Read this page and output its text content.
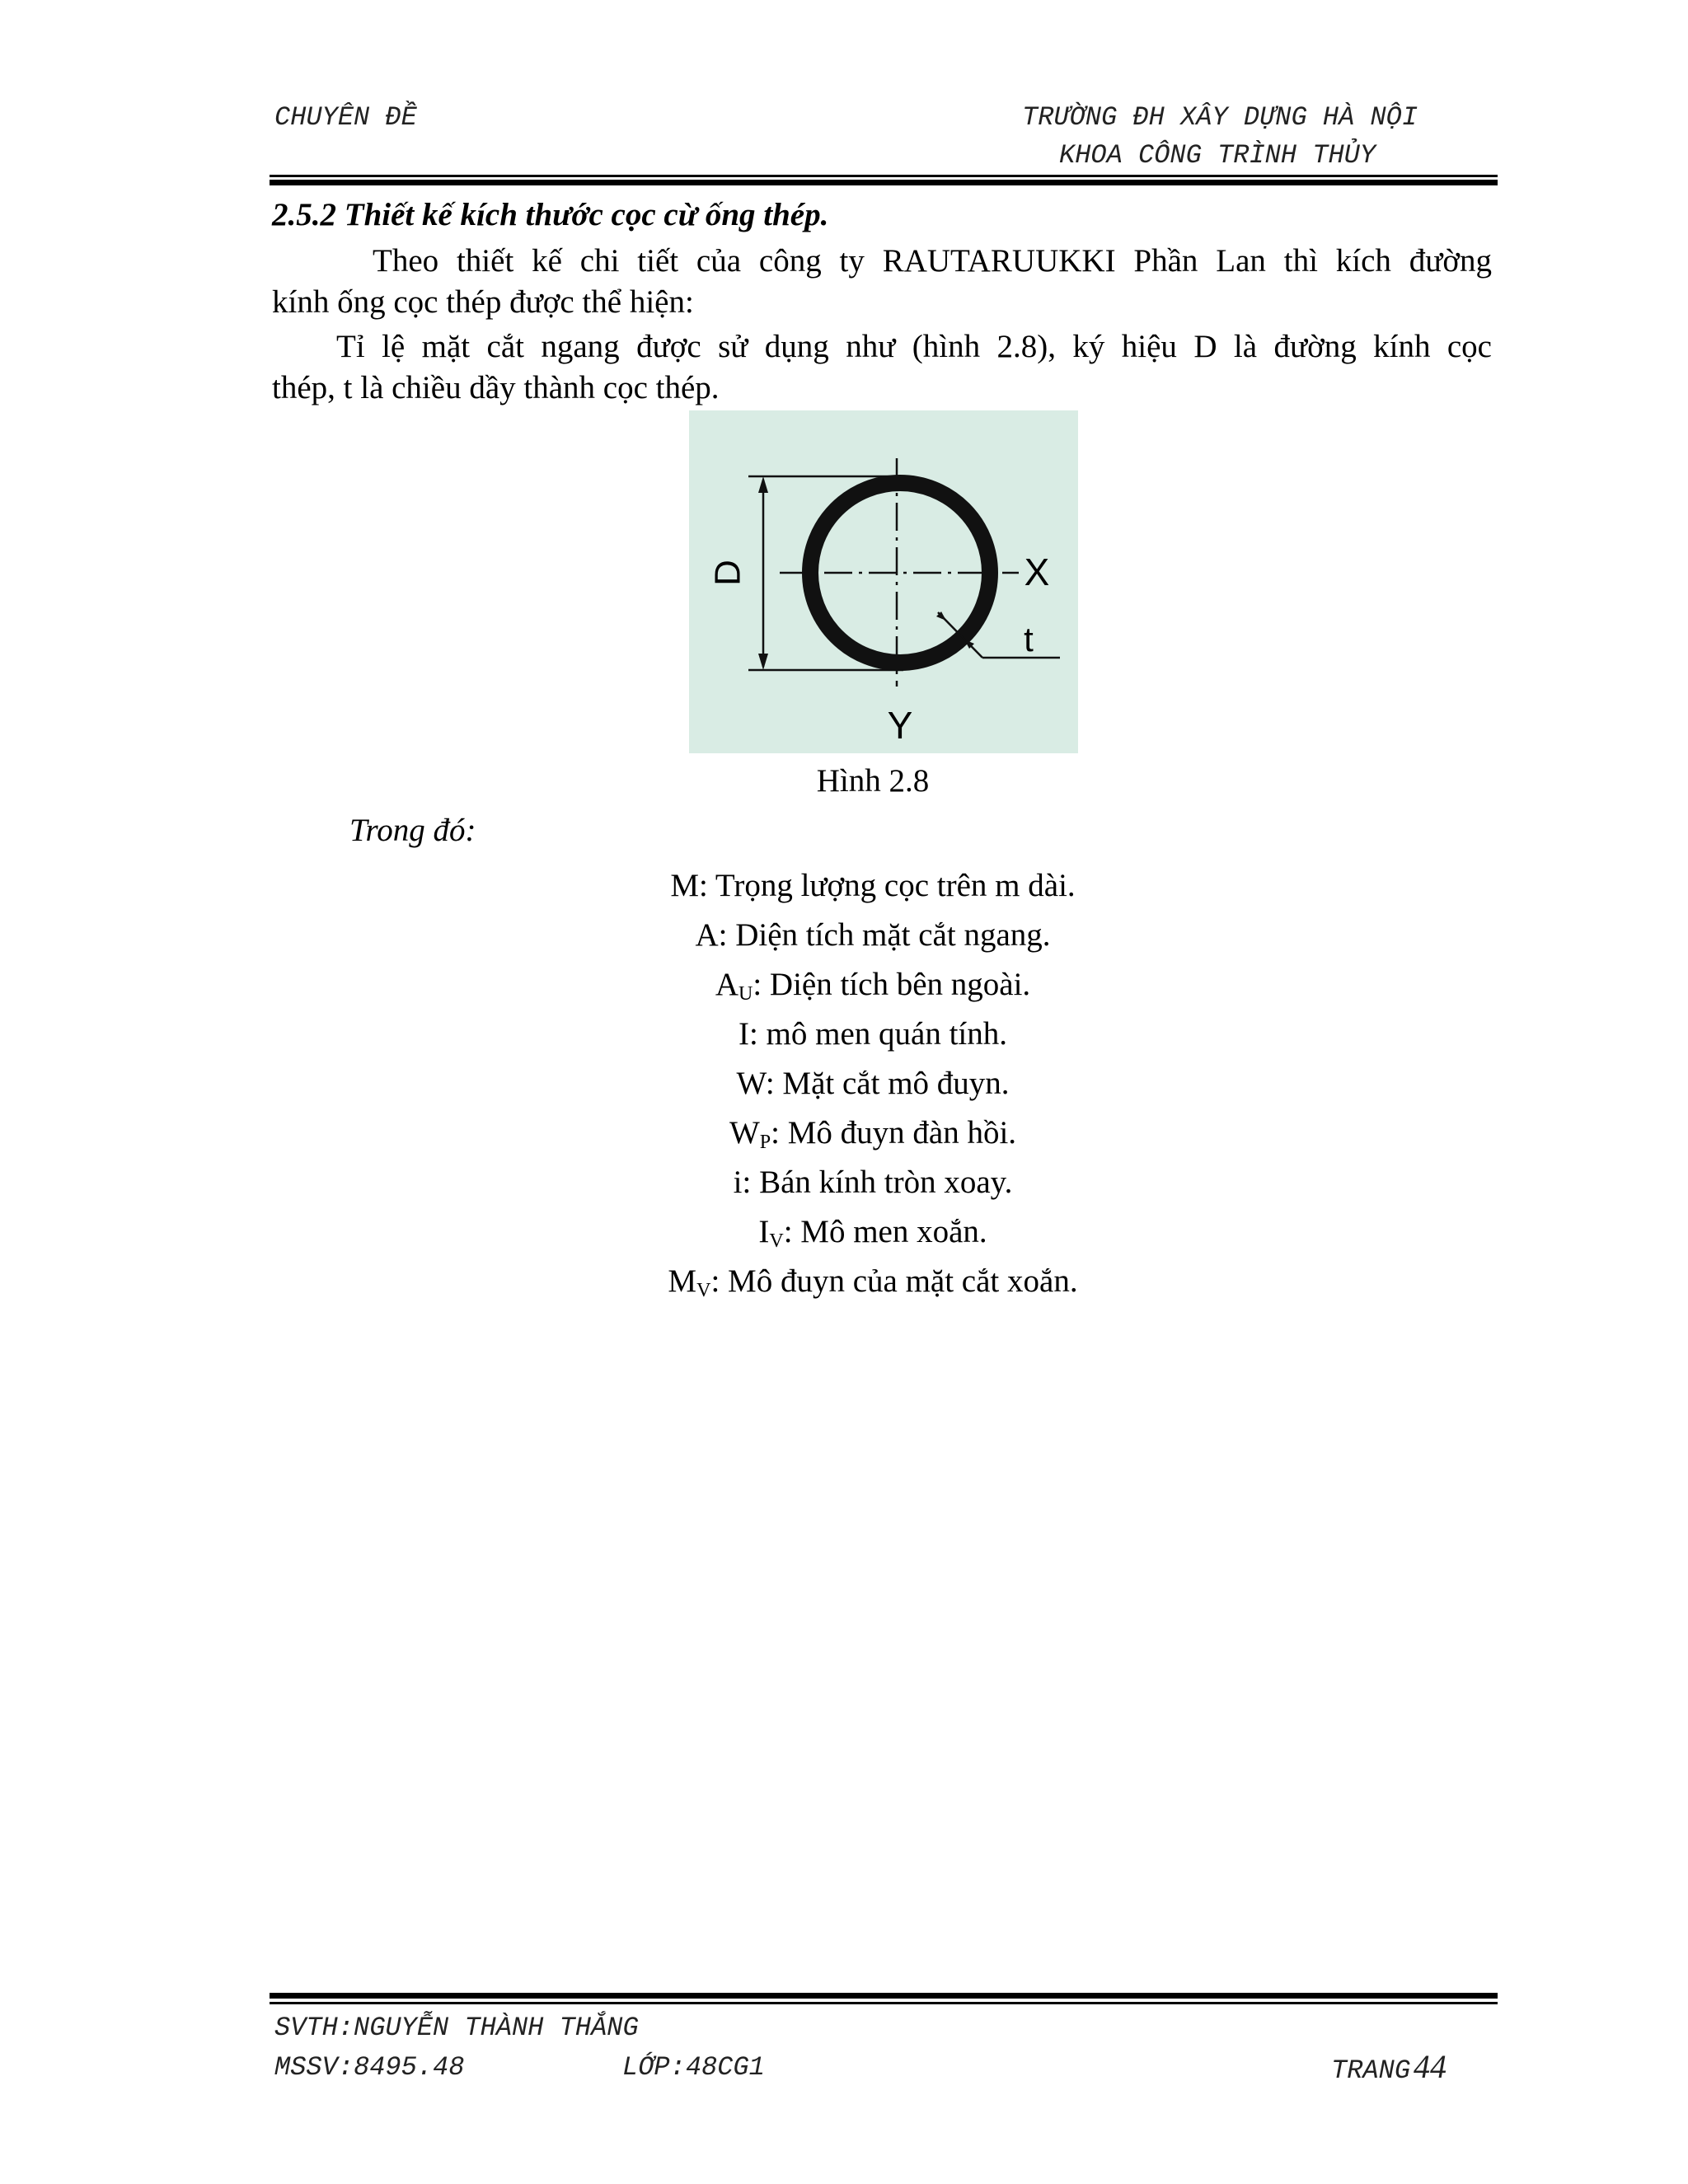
CHUYÊN ĐỀ	TRƯỜNG ĐH XÂY DỰNG HÀ NỘI
KHOA CÔNG TRÌNH THỦY
2.5.2 Thiết kế kích thước cọc cừ ống thép.
Theo thiết kế chi tiết của công ty RAUTARUUKKI Phần Lan thì kích đường
kính ống cọc thép được thể hiện:
Tỉ lệ mặt cắt ngang được sử dụng như (hình 2.8), ký hiệu D là đường kính cọc
thép, t là chiều dầy thành cọc thép.
D	X
t
Y
Hình 2.8
Trong đó:
M: Trọng lượng cọc trên m dài.
A: Diện tích mặt cắt ngang.
$A_U$: Diện tích bên ngoài.
I: mô men quán tính.
W: Mặt cắt mô đuyn.
$W_P$: Mô đuyn đàn hồi.
i: Bán kính tròn xoay.
$I_V$: Mô men xoắn.
$M_V$: Mô đuyn của mặt cắt xoắn.
SVTH:NGUYỄN THÀNH THẮNG
MSSV:8495.48	LỚP:48CG1	TRANG 44
